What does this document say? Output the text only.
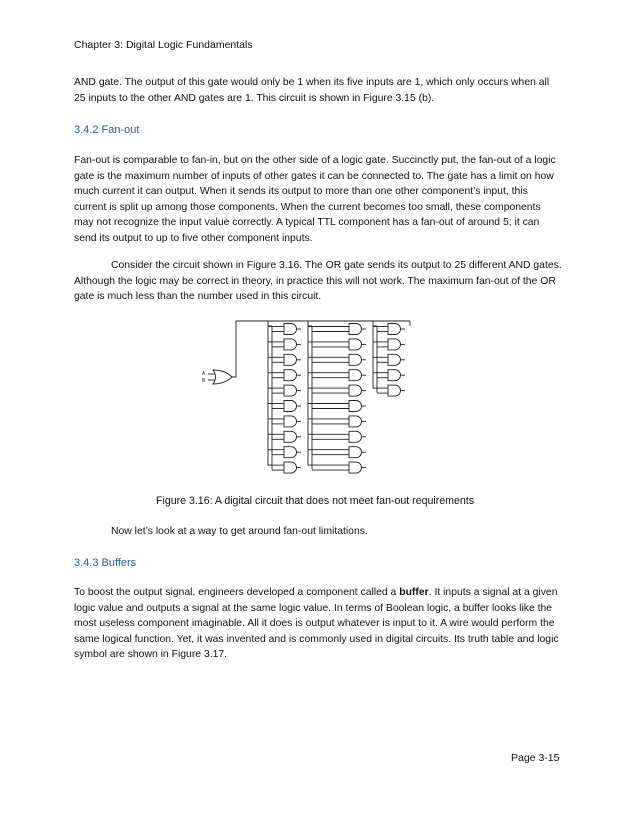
Chapter 3: Digital Logic Fundamentals

AND gate. The output of this gate would only be 1 when its five inputs are 1, which only occurs when all 25 inputs to the other AND gates are 1. This circuit is shown in Figure 3.15 (b).

3.4.2 Fan-out

Fan-out is comparable to fan-in, but on the other side of a logic gate. Succinctly put, the fan-out of a logic gate is the maximum number of inputs of other gates it can be connected to. The gate has a limit on how much current it can output. When it sends its output to more than one other component’s input, this current is split up among those components. When the current becomes too small, these components may not recognize the input value correctly. A typical TTL component has a fan-out of around 5; it can send its output to up to five other component inputs.

Consider the circuit shown in Figure 3.16. The OR gate sends its output to 25 different AND gates. Although the logic may be correct in theory, in practice this will not work. The maximum fan-out of the OR gate is much less than the number used in this circuit.

A
B
Figure 3.16: A digital circuit that does not meet fan-out requirements

Now let’s look at a way to get around fan-out limitations.

3.4.3 Buffers

To boost the output signal, engineers developed a component called a buffer. It inputs a signal at a given logic value and outputs a signal at the same logic value. In terms of Boolean logic, a buffer looks like the most useless component imaginable. All it does is output whatever is input to it. A wire would perform the same logical function. Yet, it was invented and is commonly used in digital circuits. Its truth table and logic symbol are shown in Figure 3.17.

Page 3-15
